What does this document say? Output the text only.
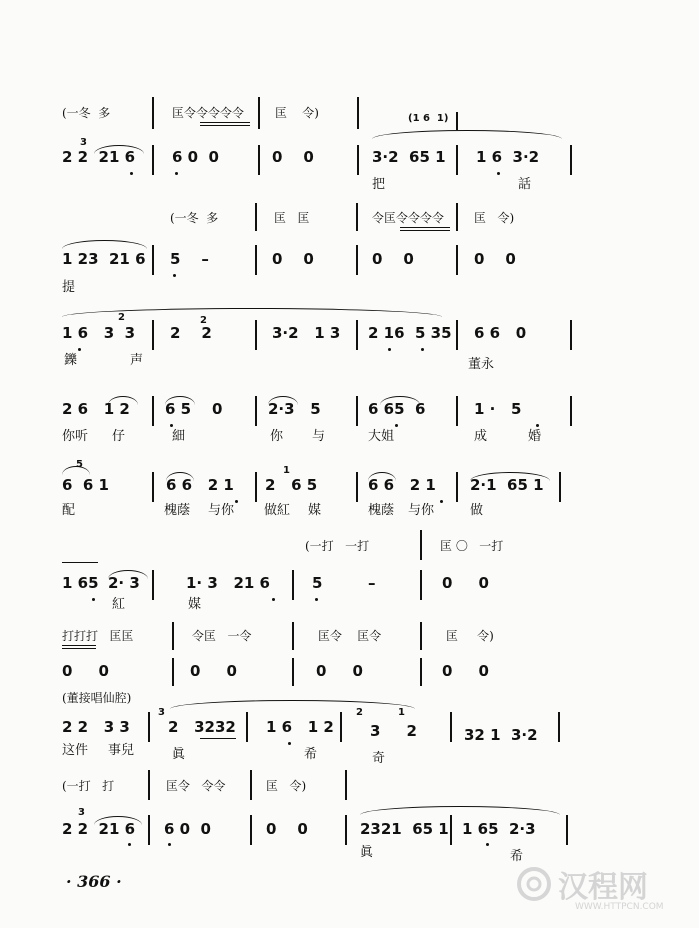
(一冬  多	匡令令令令令	匡    令)	(1 6  1)
3
2 2  21 6 6 0  0	0    0	3·2  65 1 1 6  3·2
把	話
(一冬  多	匡   匡	令匡令令令令 匡   令)
1 23  21 6 5    –	0    0	0    0	0    0
提
2	2
1 6   3  3 2    2	3·2   1 3 2 16  5 35 6 6   0
鑠	声	董永
2 6   1 2 6 5    0	2·3   5	6 65  6	1 ·   5
你听 仔	細	你 与	大姐	成	婚
5
6  6 1	6 6   2 1
1
2   6 5	6 6   2 1 2·1  65 1
配	槐蔭 与你 做紅 媒	槐蔭 与你	做
(一打   一打	匡 〇   一打
1 65 2· 3	1· 3   21 6	5	–	0     0
紅	媒
打打打   匡匡	令匡   一令	匡令    匡令	匡     令)
0     0	0     0	0     0	0     0
(董接唱仙腔)
2 2   3 3
3
2   3232 1 6   1 2
2	1
3     2	32 1  3·2
这件 事兒	眞	希	奇
(一打   打	匡令   令令	匡   令)
3
2 2  21 6 6 0  0	0    0	2321  65 1 1 65  2·3
眞	希
· 366 ·	汉程网
WWW.HTTPCN.COM
